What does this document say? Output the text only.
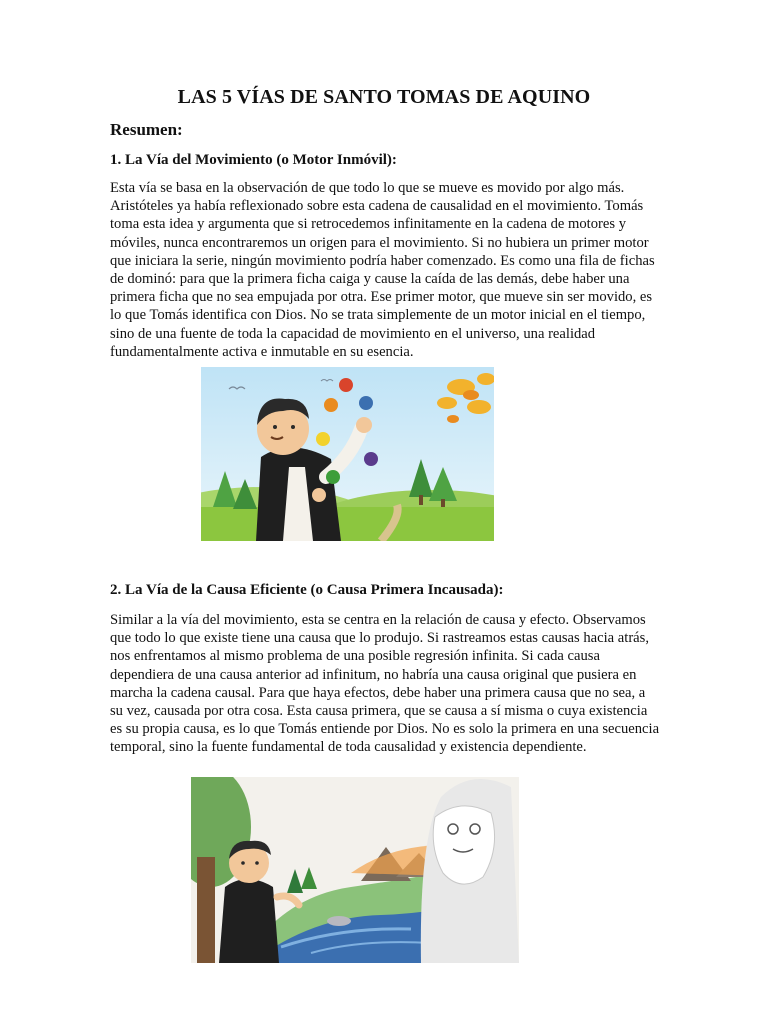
LAS 5 VÍAS DE SANTO TOMAS DE AQUINO
Resumen:
1. La Vía del Movimiento (o Motor Inmóvil):

Esta vía se basa en la observación de que todo lo que se mueve es movido por algo más. Aristóteles ya había reflexionado sobre esta cadena de causalidad en el movimiento. Tomás toma esta idea y argumenta que si retrocedemos infinitamente en la cadena de motores y móviles, nunca encontraremos un origen para el movimiento. Si no hubiera un primer motor que iniciara la serie, ningún movimiento podría haber comenzado. Es como una fila de fichas de dominó: para que la primera ficha caiga y cause la caída de las demás, debe haber una primera ficha que no sea empujada por otra. Ese primer motor, que mueve sin ser movido, es lo que Tomás identifica con Dios. No se trata simplemente de un motor inicial en el tiempo, sino de una fuente de toda la capacidad de movimiento en el universo, una realidad fundamentalmente activa e inmutable en su esencia.

2. La Vía de la Causa Eficiente (o Causa Primera Incausada):

Similar a la vía del movimiento, esta se centra en la relación de causa y efecto. Observamos que todo lo que existe tiene una causa que lo produjo. Si rastreamos estas causas hacia atrás, nos enfrentamos al mismo problema de una posible regresión infinita. Si cada causa dependiera de una causa anterior ad infinitum, no habría una causa original que pusiera en marcha la cadena causal. Para que haya efectos, debe haber una primera causa que no sea, a su vez, causada por otra cosa. Esta causa primera, que se causa a sí misma o cuya existencia es su propia causa, es lo que Tomás entiende por Dios. No es solo la primera en una secuencia temporal, sino la fuente fundamental de toda causalidad y existencia dependiente.
